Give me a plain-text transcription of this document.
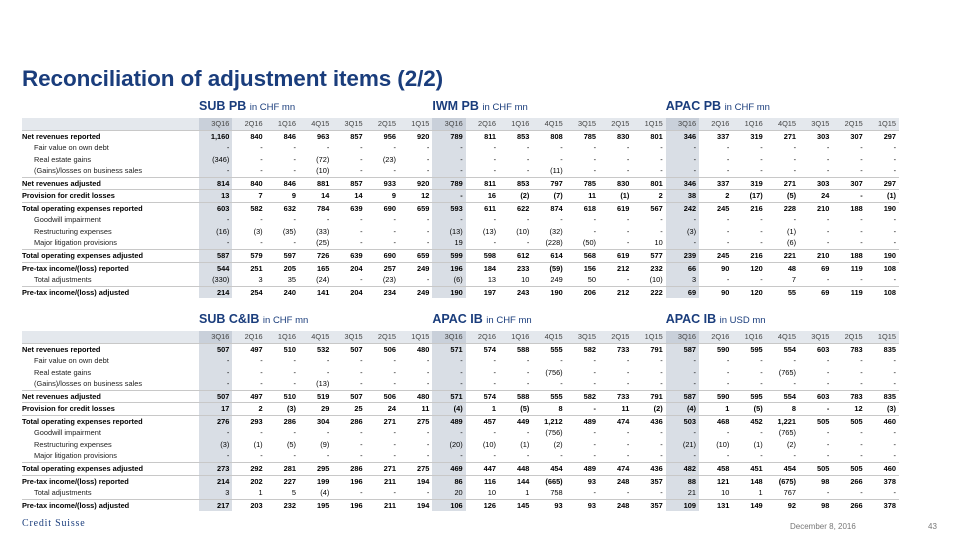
Reconciliation of adjustment items (2/2)
	SUB PB in CHF mn							IWM PB in CHF mn							APAC PB in CHF mn						
	3Q16	2Q16	1Q16	4Q15	3Q15	2Q15	1Q15	3Q16	2Q16	1Q16	4Q15	3Q15	2Q15	1Q15	3Q16	2Q16	1Q16	4Q15	3Q15	2Q15	1Q15
Net revenues reported	1,160	840	846	963	857	956	920	789	811	853	808	785	830	801	346	337	319	271	303	307	297
Fair value on own debt	-	-	-	-	-	-	-	-	-	-	-	-	-	-	-	-	-	-	-	-	-
Real estate gains	(346)	-	-	(72)	-	(23)	-	-	-	-	-	-	-	-	-	-	-	-	-	-	-
(Gains)/losses on business sales	-	-	-	(10)	-	-	-	-	-	-	(11)	-	-	-	-	-	-	-	-	-	-
Net revenues adjusted	814	840	846	881	857	933	920	789	811	853	797	785	830	801	346	337	319	271	303	307	297
Provision for credit losses	13	7	9	14	14	9	12	-	16	(2)	(7)	11	(1)	2	38	2	(17)	(5)	24	-	(1)
Total operating expenses reported	603	582	632	784	639	690	659	593	611	622	874	618	619	567	242	245	216	228	210	188	190
Goodwill impairment	-	-	-	-	-	-	-	-	-	-	-	-	-	-	-	-	-	-	-	-	-
Restructuring expenses	(16)	(3)	(35)	(33)	-	-	-	(13)	(13)	(10)	(32)	-	-	-	(3)	-	-	(1)	-	-	-
Major litigation provisions	-	-	-	(25)	-	-	-	19	-	-	(228)	(50)	-	10	-	-	-	(6)	-	-	-
Total operating expenses adjusted	587	579	597	726	639	690	659	599	598	612	614	568	619	577	239	245	216	221	210	188	190
Pre-tax income/(loss) reported	544	251	205	165	204	257	249	196	184	233	(59)	156	212	232	66	90	120	48	69	119	108
Total adjustments	(330)	3	35	(24)	-	(23)	-	(6)	13	10	249	50	-	(10)	3	-	-	7	-	-	-
Pre-tax income/(loss) adjusted	214	254	240	141	204	234	249	190	197	243	190	206	212	222	69	90	120	55	69	119	108
	SUB C&IB in CHF mn							APAC IB in CHF mn							APAC IB in USD mn						
	3Q16	2Q16	1Q16	4Q15	3Q15	2Q15	1Q15	3Q16	2Q16	1Q16	4Q15	3Q15	2Q15	1Q15	3Q16	2Q16	1Q16	4Q15	3Q15	2Q15	1Q15
Net revenues reported	507	497	510	532	507	506	480	571	574	588	555	582	733	791	587	590	595	554	603	783	835
Fair value on own debt	-	-	-	-	-	-	-	-	-	-	-	-	-	-	-	-	-	-	-	-	-
Real estate gains	-	-	-	-	-	-	-	-	-	-	(756)	-	-	-	-	-	-	(765)	-	-	-
(Gains)/losses on business sales	-	-	-	(13)	-	-	-	-	-	-	-	-	-	-	-	-	-	-	-	-	-
Net revenues adjusted	507	497	510	519	507	506	480	571	574	588	555	582	733	791	587	590	595	554	603	783	835
Provision for credit losses	17	2	(3)	29	25	24	11	(4)	1	(5)	8	-	11	(2)	(4)	1	(5)	8	-	12	(3)
Total operating expenses reported	276	293	286	304	286	271	275	489	457	449	1,212	489	474	436	503	468	452	1,221	505	505	460
Goodwill impairment	-	-	-	-	-	-	-	-	-	-	(756)	-	-	-	-	-	-	(765)	-	-	-
Restructuring expenses	(3)	(1)	(5)	(9)	-	-	-	(20)	(10)	(1)	(2)	-	-	-	(21)	(10)	(1)	(2)	-	-	-
Major litigation provisions	-	-	-	-	-	-	-	-	-	-	-	-	-	-	-	-	-	-	-	-	-
Total operating expenses adjusted	273	292	281	295	286	271	275	469	447	448	454	489	474	436	482	458	451	454	505	505	460
Pre-tax income/(loss) reported	214	202	227	199	196	211	194	86	116	144	(665)	93	248	357	88	121	148	(675)	98	266	378
Total adjustments	3	1	5	(4)	-	-	-	20	10	1	758	-	-	-	21	10	1	767	-	-	-
Pre-tax income/(loss) adjusted	217	203	232	195	196	211	194	106	126	145	93	93	248	357	109	131	149	92	98	266	378
Credit Suisse	December 8, 2016	43
